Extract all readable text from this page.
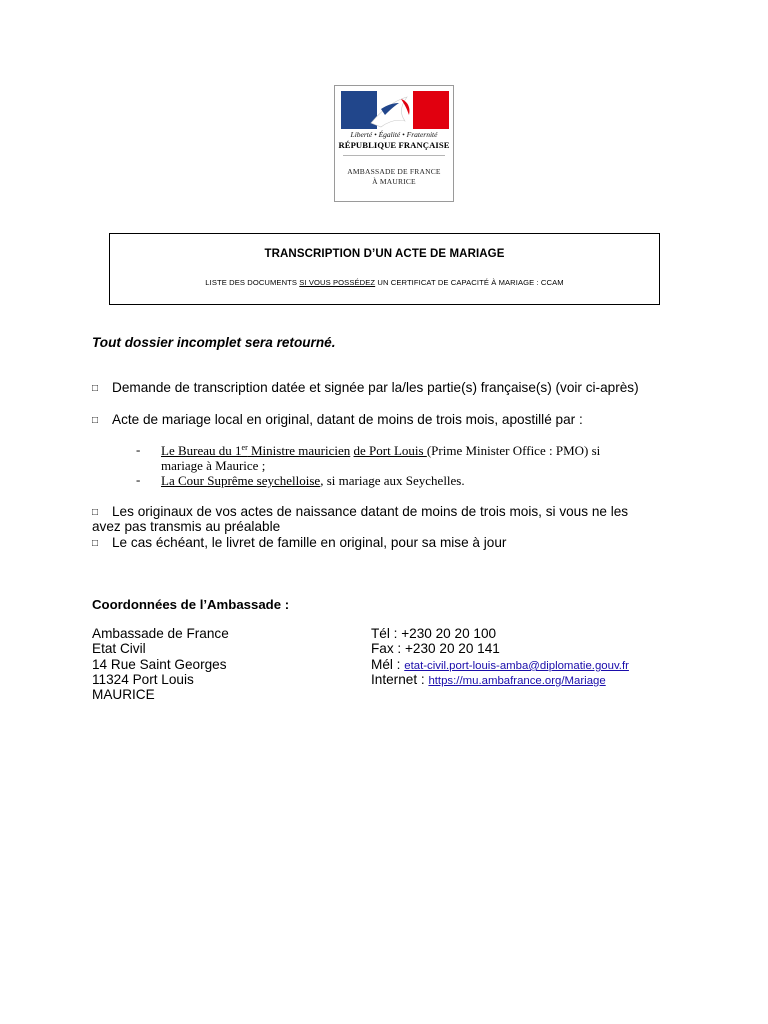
Liberté • Égalité • Fraternité
RÉPUBLIQUE FRANÇAISE
AMBASSADE DE FRANCE
À MAURICE
TRANSCRIPTION D’UN ACTE DE MARIAGE
LISTE DES DOCUMENTS SI VOUS POSSÉDEZ UN CERTIFICAT DE CAPACITÉ À MARIAGE : CCAM
Tout dossier incomplet sera retourné.
□ Demande de transcription datée et signée par la/les partie(s) française(s) (voir ci-après)
□ Acte de mariage local en original, datant de moins de trois mois, apostillé par :
- Le Bureau du 1er Ministre mauricien de Port Louis (Prime Minister Office : PMO) si
mariage à Maurice ;
- La Cour Suprême seychelloise, si mariage aux Seychelles.
□ Les originaux de vos actes de naissance datant de moins de trois mois, si vous ne les
avez pas transmis au préalable
□ Le cas échéant, le livret de famille en original, pour sa mise à jour
Coordonnées de l’Ambassade :
Ambassade de France
Etat Civil
14 Rue Saint Georges
11324 Port Louis
MAURICE
Tél : +230 20 20 100
Fax : +230 20 20 141
Mél : etat-civil.port-louis-amba@diplomatie.gouv.fr
Internet : https://mu.ambafrance.org/Mariage
